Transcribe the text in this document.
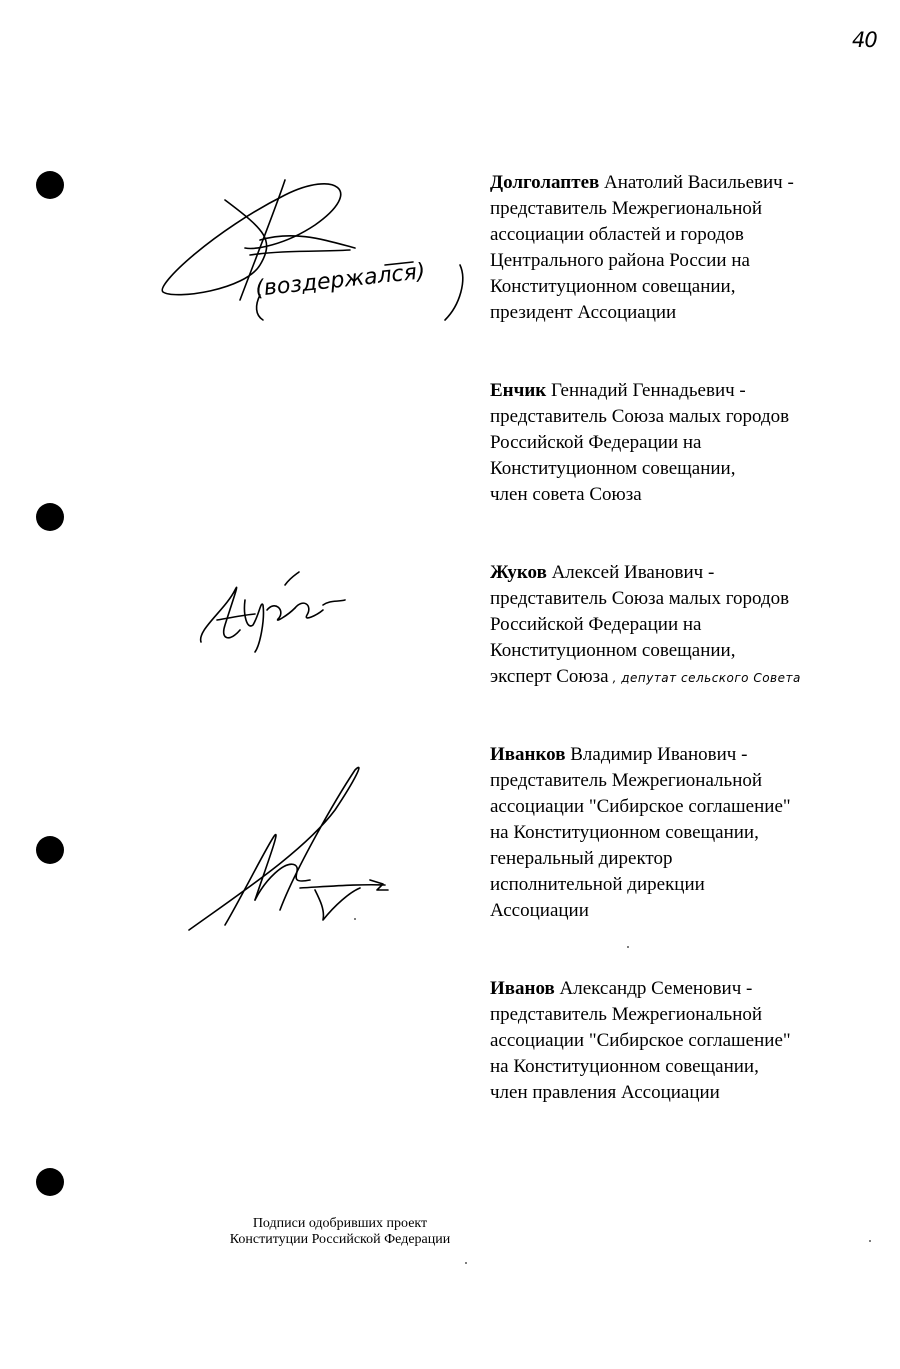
40
(воздержался)

Долголаптев Анатолий Васильевич -

представитель Межрегиональной

ассоциации областей и городов

Центрального района России на

Конституционном совещании,

президент Ассоциации

Енчик Геннадий Геннадьевич -

представитель Союза малых городов

Российской Федерации на

Конституционном совещании,

член совета Союза

Жуков Алексей Иванович -

представитель Союза малых городов

Российской Федерации на

Конституционном совещании,

эксперт Союза , депутат сельского Совета

Иванков Владимир Иванович -

представитель Межрегиональной

ассоциации "Сибирское соглашение"

на Конституционном совещании,

генеральный директор

исполнительной дирекции

Ассоциации

Иванов Александр Семенович -

представитель Межрегиональной

ассоциации "Сибирское соглашение"

на Конституционном совещании,

член правления Ассоциации

Подписи одобривших проект
Конституции Российской Федерации
